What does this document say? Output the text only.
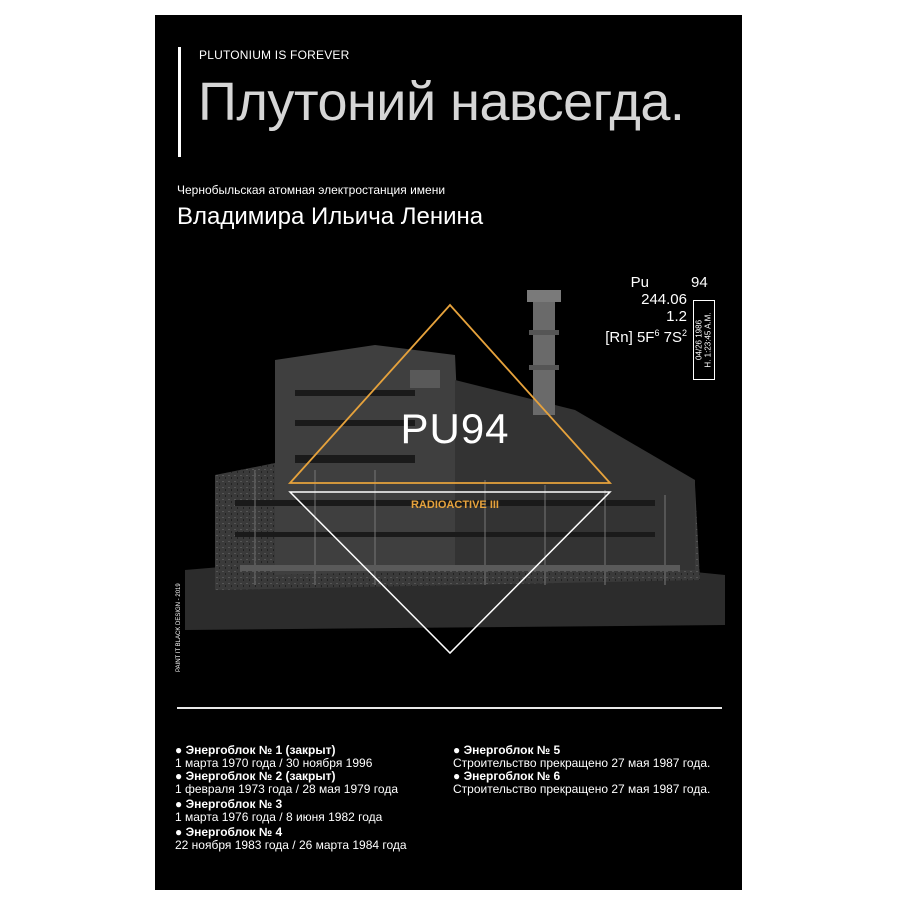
PLUTONIUM IS FOREVER
Плутоний навсегда.
Чернобыльская атомная электростанция имени
Владимира Ильича Ленина
Pu
244.06
1.2
[Rn] $5F^6$ $7S^2$
94
04/26 1986 H. 1:23:45 A.M.
PU94
RADIOACTIVE III
PAINT IT BLACK DESIGN - 2019
● Энергоблок № 1 (закрыт)
1 марта 1970 года / 30 ноября 1996
● Энергоблок № 2 (закрыт)
1 февраля 1973 года / 28 мая 1979 года
● Энергоблок № 3
1 марта 1976 года / 8 июня 1982 года
● Энергоблок № 4
22 ноября 1983 года / 26 марта 1984 года
● Энергоблок № 5
Строительство прекращено 27 мая 1987 года.
● Энергоблок № 6
Строительство прекращено 27 мая 1987 года.
